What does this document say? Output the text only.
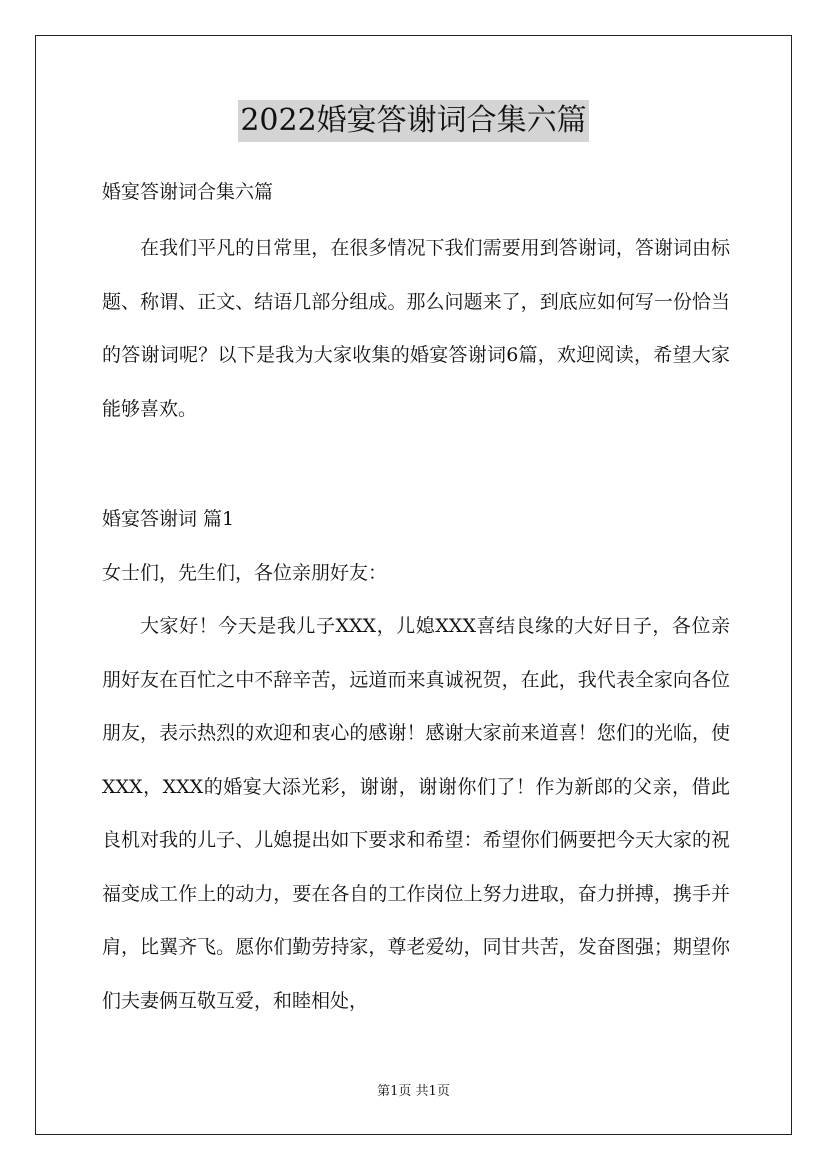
2022婚宴答谢词合集六篇
婚宴答谢词合集六篇

在我们平凡的日常里，在很多情况下我们需要用到答谢词，答谢词由标题、称谓、正文、结语几部分组成。那么问题来了，到底应如何写一份恰当的答谢词呢？以下是我为大家收集的婚宴答谢词6篇，欢迎阅读，希望大家能够喜欢。

婚宴答谢词 篇1
女士们，先生们，各位亲朋好友：

大家好！今天是我儿子XXX，儿媳XXX喜结良缘的大好日子，各位亲朋好友在百忙之中不辞辛苦，远道而来真诚祝贺，在此，我代表全家向各位朋友，表示热烈的欢迎和衷心的感谢！感谢大家前来道喜！您们的光临，使XXX，XXX的婚宴大添光彩，谢谢，谢谢你们了！作为新郎的父亲，借此良机对我的儿子、儿媳提出如下要求和希望：希望你们俩要把今天大家的祝福变成工作上的动力，要在各自的工作岗位上努力进取，奋力拼搏，携手并肩，比翼齐飞。愿你们勤劳持家，尊老爱幼，同甘共苦，发奋图强；期望你们夫妻俩互敬互爱，和睦相处，

第1页 共1页
